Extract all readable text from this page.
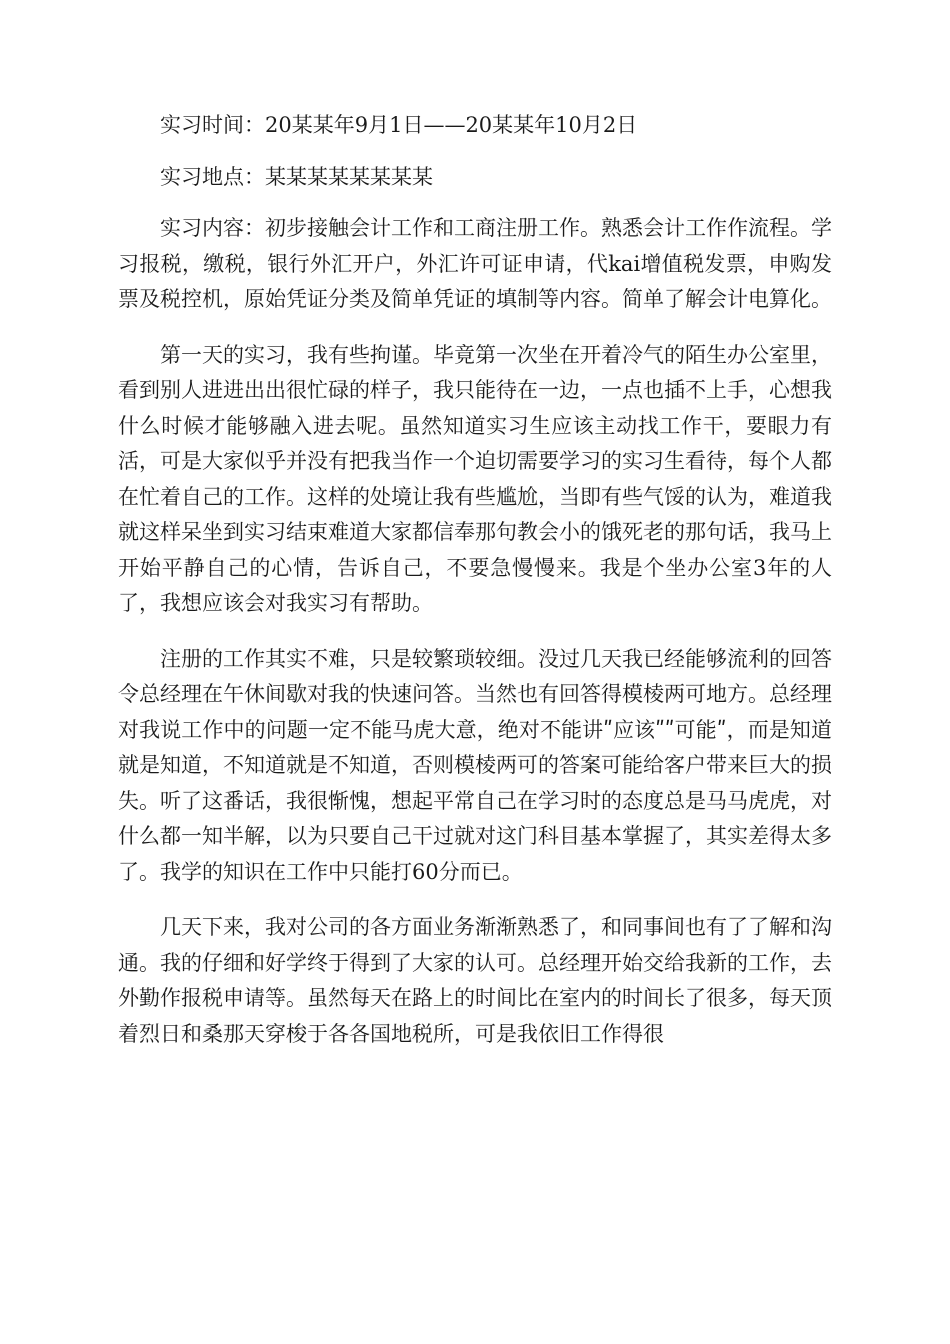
实习时间：20某某年9月1日——20某某年10月2日

实习地点：某某某某某某某某

实习内容：初步接触会计工作和工商注册工作。熟悉会计工作作流程。学习报税，缴税，银行外汇开户，外汇许可证申请，代kai增值税发票，申购发票及税控机，原始凭证分类及简单凭证的填制等内容。简单了解会计电算化。

第一天的实习，我有些拘谨。毕竟第一次坐在开着冷气的陌生办公室里，看到别人进进出出很忙碌的样子，我只能待在一边，一点也插不上手，心想我什么时候才能够融入进去呢。虽然知道实习生应该主动找工作干，要眼力有活，可是大家似乎并没有把我当作一个迫切需要学习的实习生看待，每个人都在忙着自己的工作。这样的处境让我有些尴尬，当即有些气馁的认为，难道我就这样呆坐到实习结束难道大家都信奉那句教会小的饿死老的那句话，我马上开始平静自己的心情，告诉自己，不要急慢慢来。我是个坐办公室3年的人了，我想应该会对我实习有帮助。

注册的工作其实不难，只是较繁琐较细。没过几天我已经能够流利的回答令总经理在午休间歇对我的快速问答。当然也有回答得模棱两可地方。总经理对我说工作中的问题一定不能马虎大意，绝对不能讲ʺ应该ʺʺ可能ʺ，而是知道就是知道，不知道就是不知道，否则模棱两可的答案可能给客户带来巨大的损失。听了这番话，我很惭愧，想起平常自己在学习时的态度总是马马虎虎，对什么都一知半解，以为只要自己干过就对这门科目基本掌握了，其实差得太多了。我学的知识在工作中只能打60分而已。

几天下来，我对公司的各方面业务渐渐熟悉了，和同事间也有了了解和沟通。我的仔细和好学终于得到了大家的认可。总经理开始交给我新的工作，去外勤作报税申请等。虽然每天在路上的时间比在室内的时间长了很多，每天顶着烈日和桑那天穿梭于各各国地税所，可是我依旧工作得很
